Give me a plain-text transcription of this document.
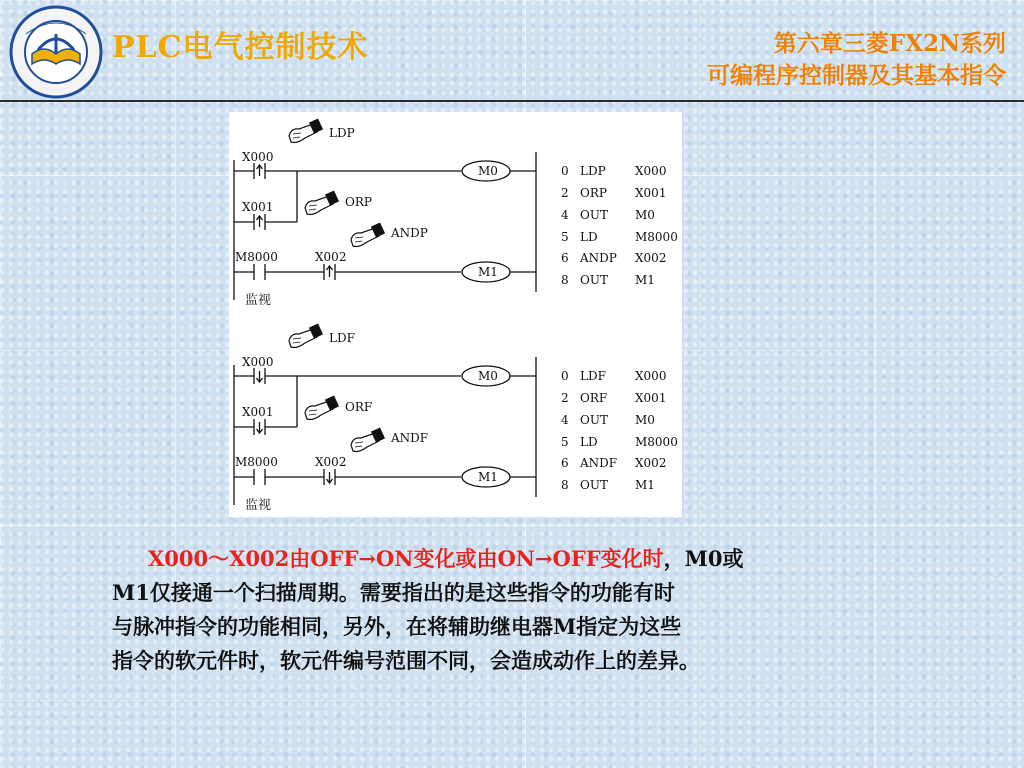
PLC电气控制技术	第六章三菱FX2N系列
可编程序控制器及其基本指令
X000
M0
X001
M8000	X002
M1
监视
LDP
ORP
ANDP
0 LDP X000
2 ORP X001
4 OUT M0
5 LD	M8000
6 ANDP X002
8 OUT M1
X000
M0
X001
M8000	X002
M1
监视
LDF
ORF
ANDF
0 LDF X000
2 ORF X001
4 OUT M0
5 LD	M8000
6 ANDF X002
8 OUT M1
X000～X002由OFF→ON变化或由ON→OFF变化时，M0或
M1仅接通一个扫描周期。需要指出的是这些指令的功能有时
与脉冲指令的功能相同，另外，在将辅助继电器M指定为这些
指令的软元件时，软元件编号范围不同，会造成动作上的差异。
